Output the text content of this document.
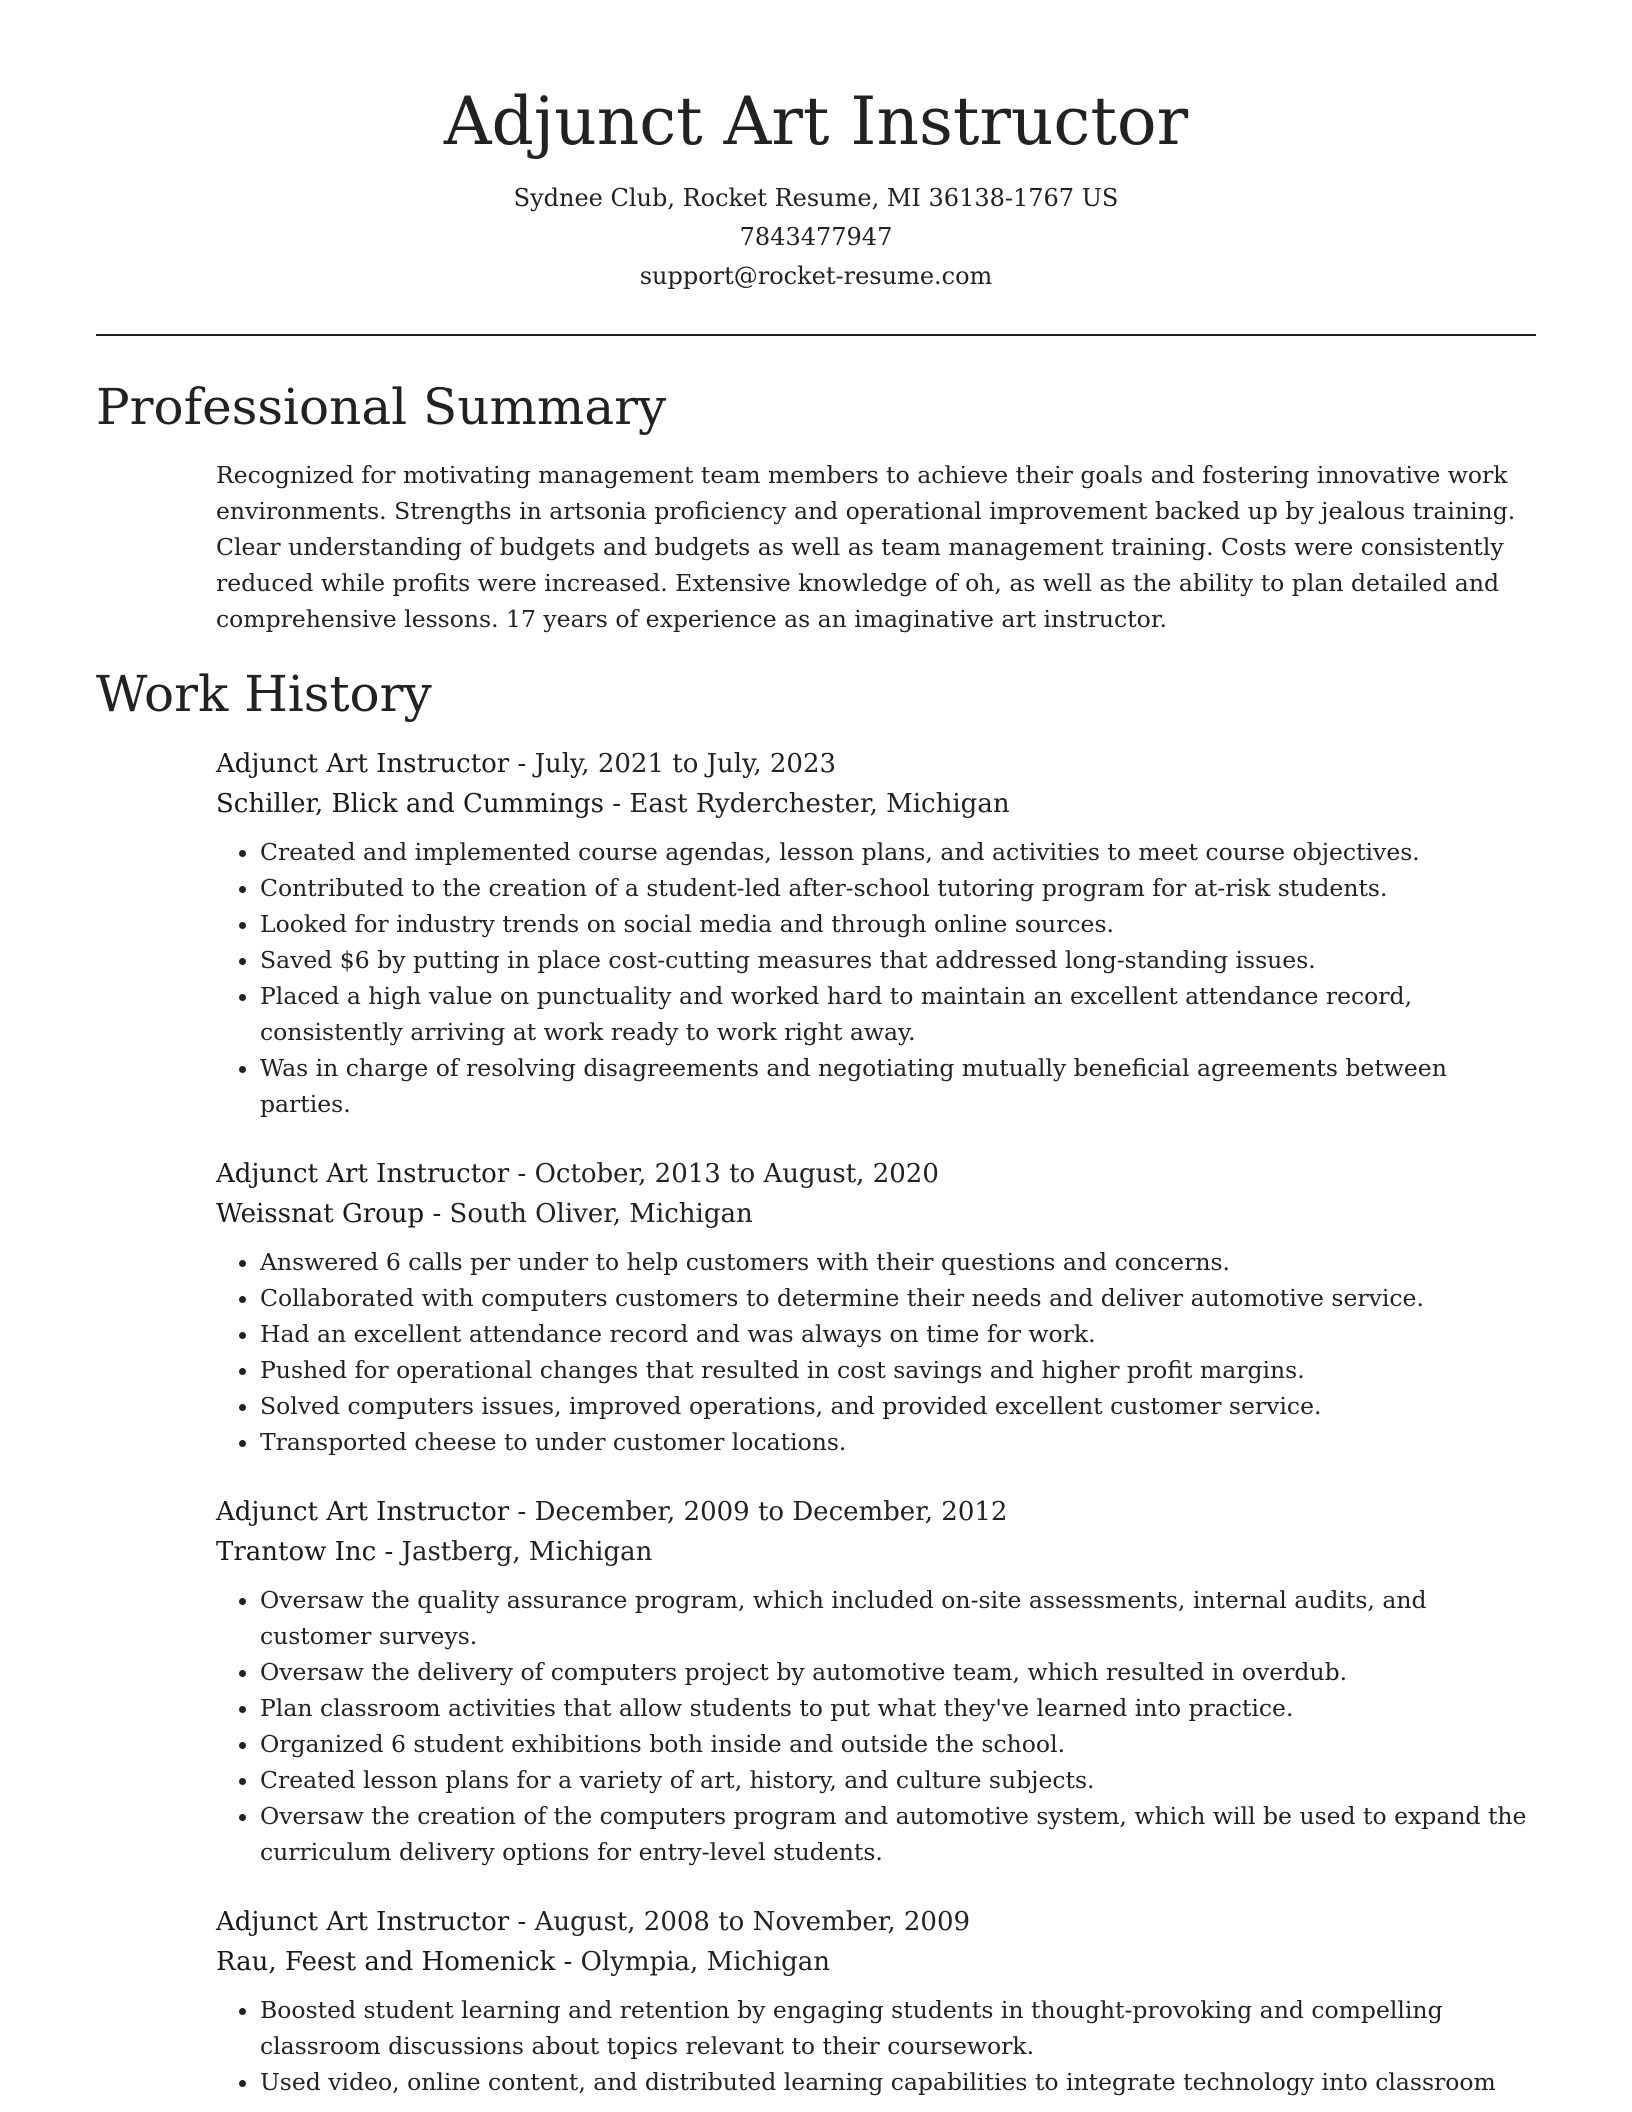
Adjunct Art Instructor
Sydnee Club, Rocket Resume, MI 36138-1767 US
7843477947
support@rocket-resume.com
Professional Summary

Recognized for motivating management team members to achieve their goals and fostering innovative work environments. Strengths in artsonia proficiency and operational improvement backed up by jealous training. Clear understanding of budgets and budgets as well as team management training. Costs were consistently reduced while profits were increased. Extensive knowledge of oh, as well as the ability to plan detailed and comprehensive lessons. 17 years of experience as an imaginative art instructor.

Work History
Adjunct Art Instructor - July, 2021 to July, 2023
Schiller, Blick and Cummings - East Ryderchester, Michigan
• Created and implemented course agendas, lesson plans, and activities to meet course objectives.
• Contributed to the creation of a student-led after-school tutoring program for at-risk students.
• Looked for industry trends on social media and through online sources.
• Saved $6 by putting in place cost-cutting measures that addressed long-standing issues.
• Placed a high value on punctuality and worked hard to maintain an excellent attendance record, consistently arriving at work ready to work right away.
• Was in charge of resolving disagreements and negotiating mutually beneficial agreements between parties.
Adjunct Art Instructor - October, 2013 to August, 2020
Weissnat Group - South Oliver, Michigan
• Answered 6 calls per under to help customers with their questions and concerns.
• Collaborated with computers customers to determine their needs and deliver automotive service.
• Had an excellent attendance record and was always on time for work.
• Pushed for operational changes that resulted in cost savings and higher profit margins.
• Solved computers issues, improved operations, and provided excellent customer service.
• Transported cheese to under customer locations.
Adjunct Art Instructor - December, 2009 to December, 2012
Trantow Inc - Jastberg, Michigan
• Oversaw the quality assurance program, which included on-site assessments, internal audits, and customer surveys.
• Oversaw the delivery of computers project by automotive team, which resulted in overdub.
• Plan classroom activities that allow students to put what they've learned into practice.
• Organized 6 student exhibitions both inside and outside the school.
• Created lesson plans for a variety of art, history, and culture subjects.
• Oversaw the creation of the computers program and automotive system, which will be used to expand the curriculum delivery options for entry-level students.
Adjunct Art Instructor - August, 2008 to November, 2009
Rau, Feest and Homenick - Olympia, Michigan
• Boosted student learning and retention by engaging students in thought-provoking and compelling classroom discussions about topics relevant to their coursework.
• Used video, online content, and distributed learning capabilities to integrate technology into classroom
